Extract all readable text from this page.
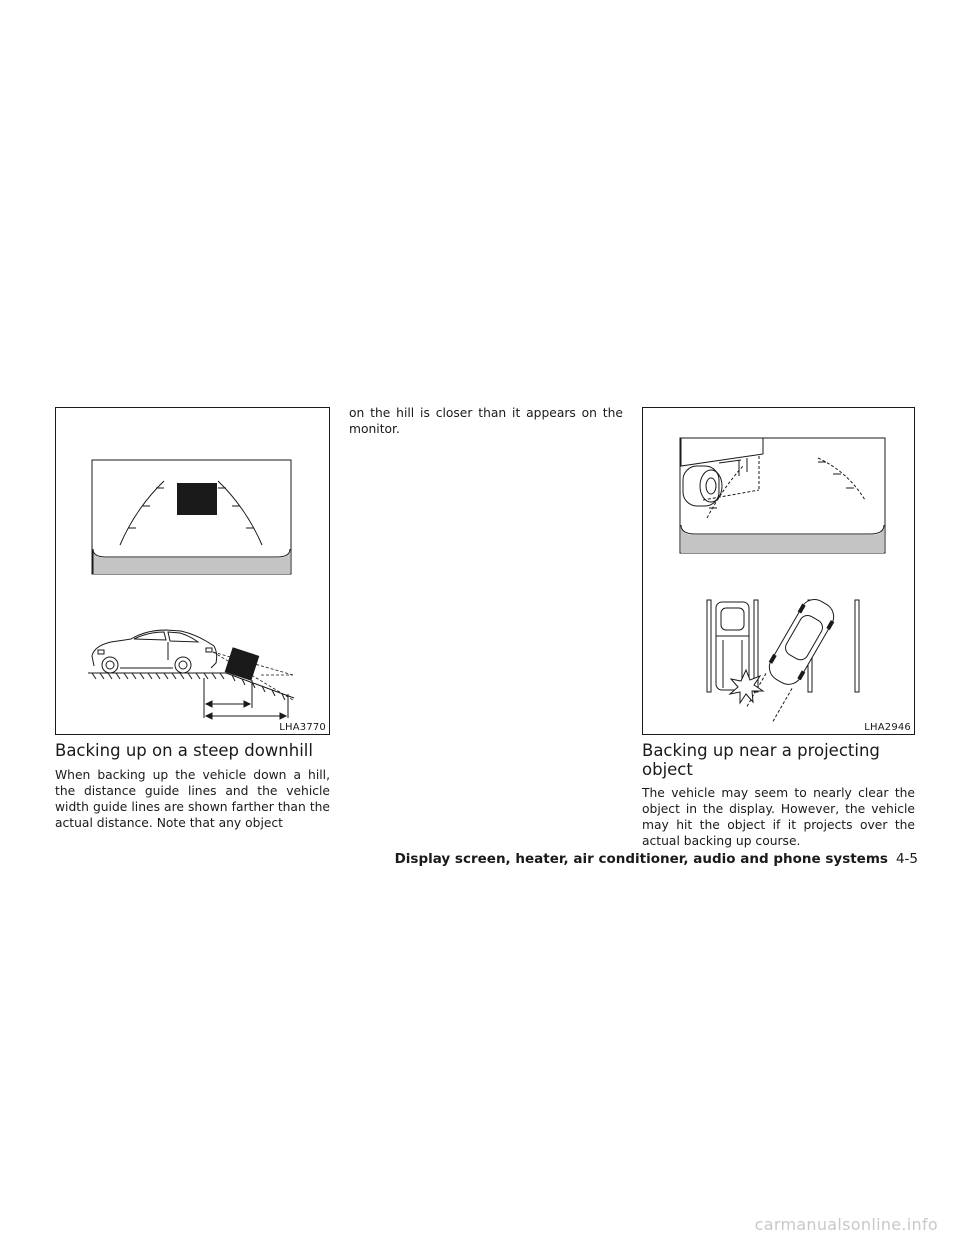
LHA3770	LHA2946
Backing up on a steep downhill

When backing up the vehicle down a hill, the distance guide lines and the vehicle width guide lines are shown farther than the actual distance. Note that any object

on the hill is closer than it appears on the monitor.

Backing up near a projecting
object

The vehicle may seem to nearly clear the object in the display. However, the vehicle may hit the object if it projects over the actual backing up course.

Display screen, heater, air conditioner, audio and phone systems 4-5
carmanualsonline.info
